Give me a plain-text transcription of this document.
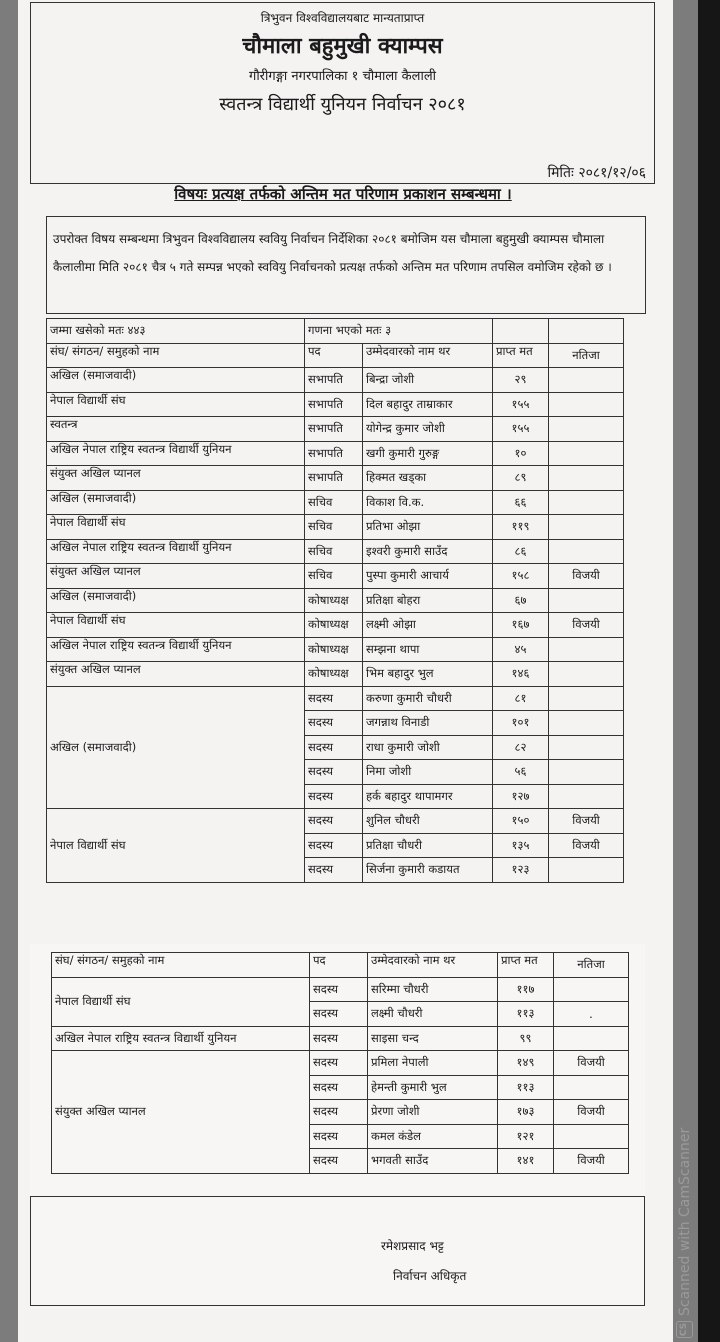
त्रिभुवन विश्वविद्यालयबाट मान्यताप्राप्त
चौमाला बहुमुखी क्याम्पस
गौरीगङ्गा नगरपालिका १ चौमाला कैलाली
स्वतन्त्र विद्यार्थी युनियन निर्वाचन २०८१
मितिः २०८१/१२/०६
विषयः प्रत्यक्ष तर्फको अन्तिम मत परिणाम प्रकाशन सम्बन्धमा ।
उपरोक्त विषय सम्बन्धमा त्रिभुवन विश्वविद्यालय स्ववियु निर्वाचन निर्देशिका २०८१ बमोजिम यस चौमाला बहुमुखी क्याम्पस चौमाला कैलालीमा मिति २०८१ चैत्र ५ गते सम्पन्न भएको स्ववियु निर्वाचनको प्रत्यक्ष तर्फको अन्तिम मत परिणाम तपसिल वमोजिम रहेको छ ।
जम्मा खसेको मतः ४४३	गणना भएको मतः ३			
संघ/ संगठन/ समुहको नाम	पद	उम्मेदवारको नाम थर	प्राप्त मत	नतिजा
अखिल (समाजवादी)	सभापति	बिन्द्रा जोशी	२९	
नेपाल विद्यार्थी संघ	सभापति	दिल बहादुर ताम्राकार	१५५	
स्वतन्त्र	सभापति	योगेन्द्र कुमार जोशी	१५५	
अखिल नेपाल राष्ट्रिय स्वतन्त्र विद्यार्थी युनियन	सभापति	खगी कुमारी गुरुङ्ग	१०	
संयुक्त अखिल प्यानल	सभापति	हिक्मत खड्का	८९	
अखिल (समाजवादी)	सचिव	विकाश वि.क.	६६	
नेपाल विद्यार्थी संघ	सचिव	प्रतिभा ओझा	११९	
अखिल नेपाल राष्ट्रिय स्वतन्त्र विद्यार्थी युनियन	सचिव	इश्वरी कुमारी साउँद	८६	
संयुक्त अखिल प्यानल	सचिव	पुस्पा कुमारी आचार्य	१५८	विजयी
अखिल (समाजवादी)	कोषाध्यक्ष	प्रतिक्षा बोहरा	६७	
नेपाल विद्यार्थी संघ	कोषाध्यक्ष	लक्ष्मी ओझा	१६७	विजयी
अखिल नेपाल राष्ट्रिय स्वतन्त्र विद्यार्थी युनियन	कोषाध्यक्ष	सम्झना थापा	४५	
संयुक्त अखिल प्यानल	कोषाध्यक्ष	भिम बहादुर भुल	१४६	
अखिल (समाजवादी)	सदस्य	करुणा कुमारी चौधरी	८१	
	सदस्य	जगन्नाथ विनाडी	१०१	
	सदस्य	राधा कुमारी जोशी	८२	
	सदस्य	निमा जोशी	५६	
	सदस्य	हर्क बहादुर थापामगर	१२७	
नेपाल विद्यार्थी संघ	सदस्य	शुनिल चौधरी	१५०	विजयी
	सदस्य	प्रतिक्षा चौधरी	१३५	विजयी
	सदस्य	सिर्जना कुमारी कडायत	१२३	
संघ/ संगठन/ समुहको नाम	पद	उम्मेदवारको नाम थर	प्राप्त मत	नतिजा
नेपाल विद्यार्थी संघ	सदस्य	सरिम्मा चौधरी	११७	
	सदस्य	लक्ष्मी चौधरी	११३	.
अखिल नेपाल राष्ट्रिय स्वतन्त्र विद्यार्थी युनियन	सदस्य	साइसा चन्द	९९	
संयुक्त अखिल प्यानल	सदस्य	प्रमिला नेपाली	१४९	विजयी
	सदस्य	हेमन्ती कुमारी भुल	११३	
	सदस्य	प्रेरणा जोशी	१७३	विजयी
	सदस्य	कमल कंडेल	१२१	
	सदस्य	भगवती साउँद	१४१	विजयी
रमेशप्रसाद भट्ट
निर्वाचन अधिकृत
CS
Scanned with CamScanner
